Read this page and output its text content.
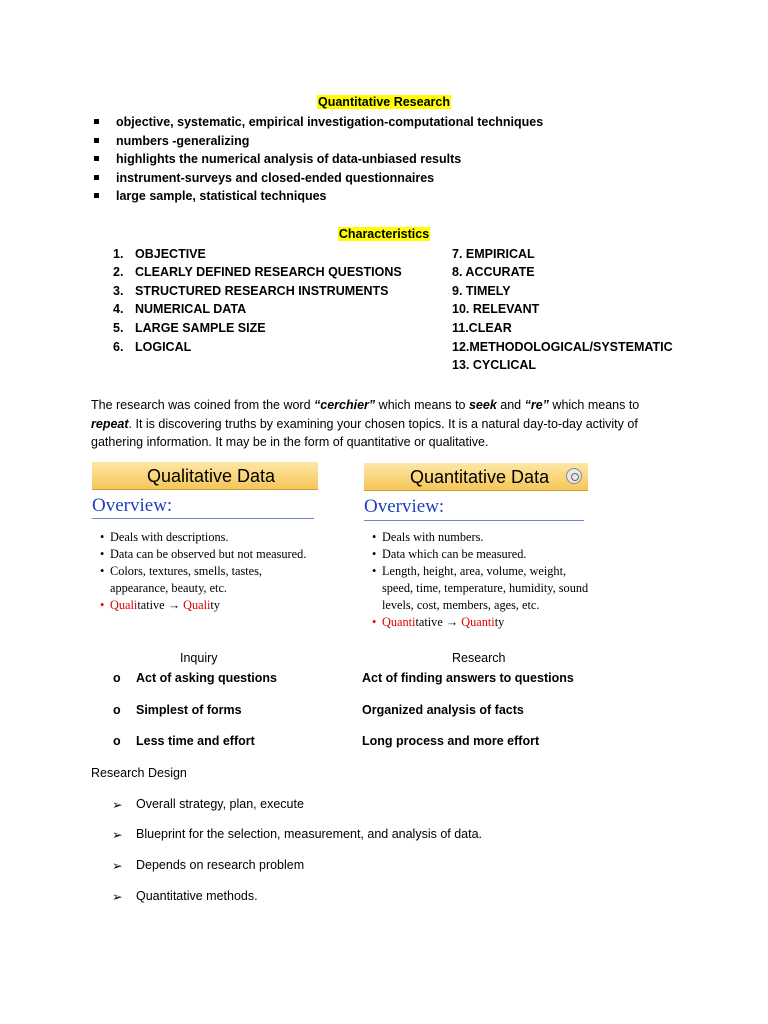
Quantitative Research
objective, systematic, empirical investigation-computational techniques
numbers -generalizing
highlights the numerical analysis of data-unbiased results
instrument-surveys and closed-ended questionnaires
large sample, statistical techniques
Characteristics
1. OBJECTIVE
2. CLEARLY DEFINED RESEARCH QUESTIONS
3. STRUCTURED RESEARCH INSTRUMENTS
4. NUMERICAL DATA
5. LARGE SAMPLE SIZE
6. LOGICAL
7. EMPIRICAL
8. ACCURATE
9. TIMELY
10. RELEVANT
11.CLEAR
12.METHODOLOGICAL/SYSTEMATIC
13. CYCLICAL
The research was coined from the word “cerchier” which means to seek and “re” which means to
repeat. It is discovering truths by examining your chosen topics. It is a natural day-to-day activity of
gathering information. It may be in the form of quantitative or qualitative.
Qualitative Data
Overview:
• Deals with descriptions.
• Data can be observed but not measured.
• Colors, textures, smells, tastes,
appearance, beauty, etc.
• Qualitative → Quality
Quantitative Data
Overview:
• Deals with numbers.
• Data which can be measured.
• Length, height, area, volume, weight,
speed, time, temperature, humidity, sound
levels, cost, members, ages, etc.
• Quantitative → Quantity
Inquiry	Research
o Act of asking questions	Act of finding answers to questions
o Simplest of forms	Organized analysis of facts
o Less time and effort	Long process and more effort
Research Design
➢ Overall strategy, plan, execute
➢ Blueprint for the selection, measurement, and analysis of data.
➢ Depends on research problem
➢ Quantitative methods.
